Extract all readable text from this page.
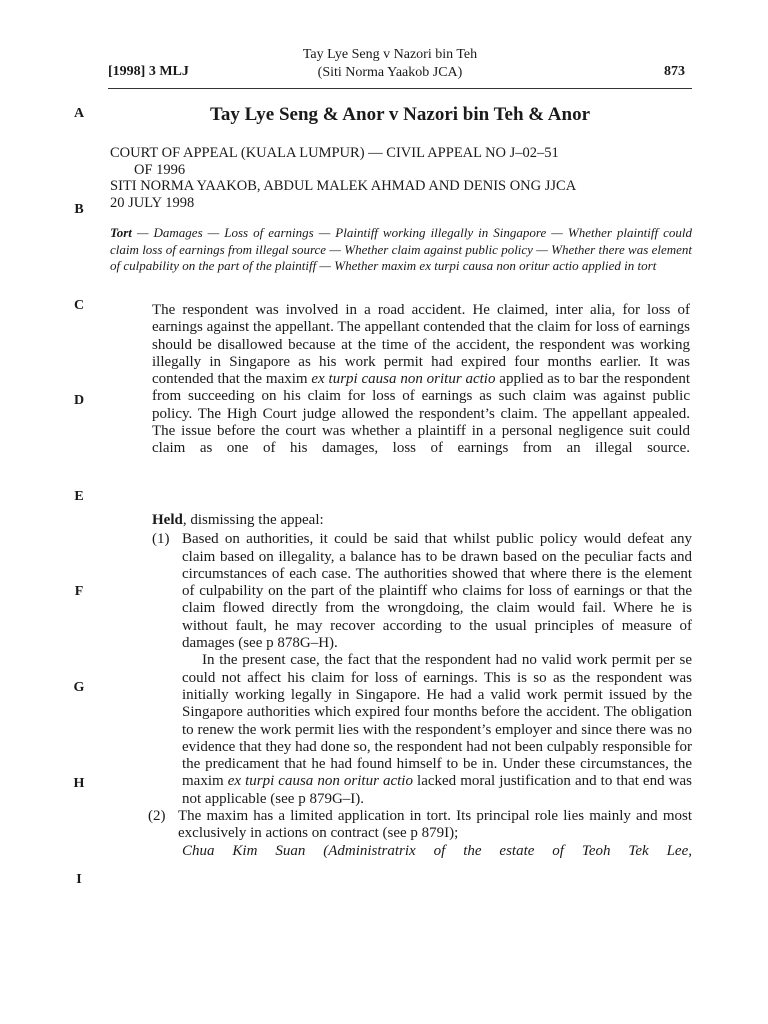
[1998] 3 MLJ
Tay Lye Seng v Nazori bin Teh
(Siti Norma Yaakob JCA)	873
A
B
C
D
E
F
G
H
I
Tay Lye Seng & Anor v Nazori bin Teh & Anor
COURT OF APPEAL (KUALA LUMPUR) — CIVIL APPEAL NO J–02–51
OF 1996
SITI NORMA YAAKOB, ABDUL MALEK AHMAD AND DENIS ONG JJCA
20 JULY 1998
Tort — Damages — Loss of earnings — Plaintiff working illegally in Singapore — Whether plaintiff could claim loss of earnings from illegal source — Whether claim against public policy — Whether there was element of culpability on the part of the plaintiff — Whether maxim ex turpi causa non oritur actio applied in tort

The respondent was involved in a road accident. He claimed, inter alia, for loss of earnings against the appellant. The appellant contended that the claim for loss of earnings should be disallowed because at the time of the accident, the respondent was working illegally in Singapore as his work permit had expired four months earlier. It was contended that the maxim ex turpi causa non oritur actio applied as to bar the respondent from succeeding on his claim for loss of earnings as such claim was against public policy. The High Court judge allowed the respondent’s claim. The appellant appealed. The issue before the court was whether a plaintiff in a personal negligence suit could claim as one of his damages, loss of earnings from an illegal source.

Held, dismissing the appeal:

(1) Based on authorities, it could be said that whilst public policy would defeat any claim based on illegality, a balance has to be drawn based on the peculiar facts and circumstances of each case. The authorities showed that where there is the element of culpability on the part of the plaintiff who claims for loss of earnings or that the claim flowed directly from the wrongdoing, the claim would fail. Where he is without fault, he may recover according to the usual principles of measure of damages (see p 878G–H).

In the present case, the fact that the respondent had no valid work permit per se could not affect his claim for loss of earnings. This is so as the respondent was initially working legally in Singapore. He had a valid work permit issued by the Singapore authorities which expired four months before the accident. The obligation to renew the work permit lies with the respondent’s employer and since there was no evidence that they had done so, the respondent had not been culpably responsible for the predicament that he had found himself to be in. Under these circumstances, the maxim ex turpi causa non oritur actio lacked moral justification and to that end was not applicable (see p 879G–I).

(2) The maxim has a limited application in tort. Its principal role lies mainly and most exclusively in actions on contract (see p 879I);

Chua Kim Suan (Administratrix of the estate of Teoh Tek Lee,
